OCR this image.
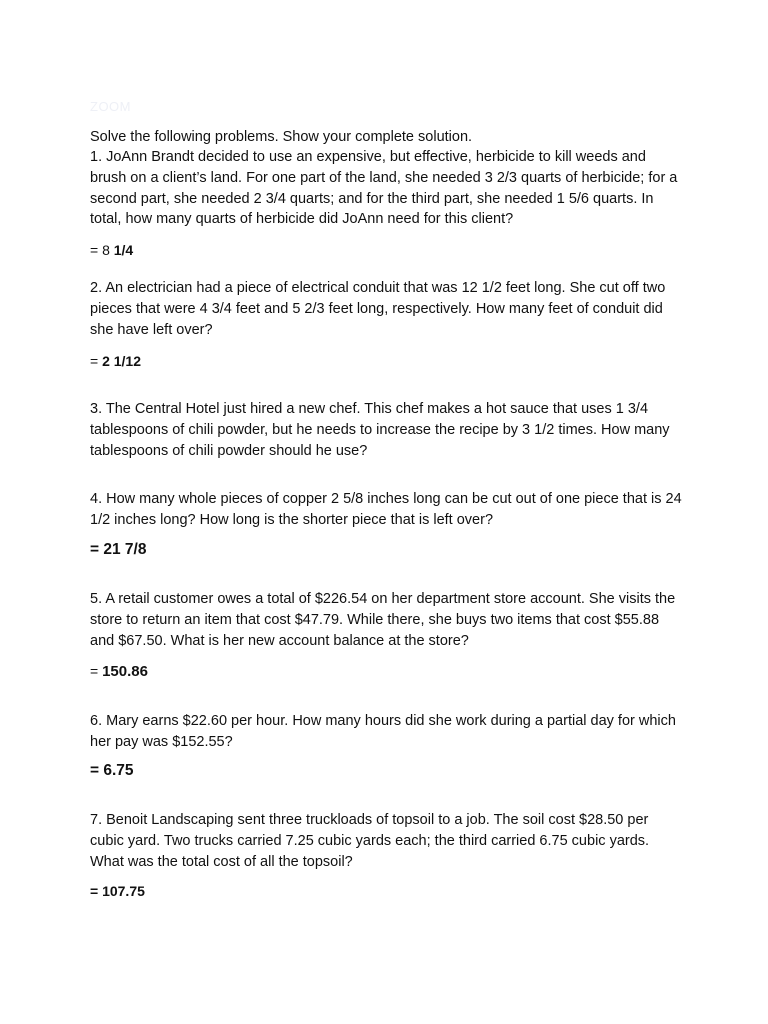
ZOOM

Solve the following problems. Show your complete solution.

1. JoAnn Brandt decided to use an expensive, but effective, herbicide to kill weeds and brush on a client’s land. For one part of the land, she needed 3 2/3 quarts of herbicide; for a second part, she needed 2 3/4 quarts; and for the third part, she needed 1 5/6 quarts. In total, how many quarts of herbicide did JoAnn need for this client?

= 8 1/4

2. An electrician had a piece of electrical conduit that was 12 1/2 feet long. She cut off two pieces that were 4 3/4 feet and 5 2/3 feet long, respectively. How many feet of conduit did she have left over?

= 2 1/12

3. The Central Hotel just hired a new chef. This chef makes a hot sauce that uses 1 3/4 tablespoons of chili powder, but he needs to increase the recipe by 3 1/2 times. How many tablespoons of chili powder should he use?

4. How many whole pieces of copper 2 5/8 inches long can be cut out of one piece that is 24 1/2 inches long? How long is the shorter piece that is left over?

= 21 7/8

5. A retail customer owes a total of $226.54 on her department store account. She visits the store to return an item that cost $47.79. While there, she buys two items that cost $55.88 and $67.50. What is her new account balance at the store?

= 150.86

6. Mary earns $22.60 per hour. How many hours did she work during a partial day for which her pay was $152.55?

= 6.75

7. Benoit Landscaping sent three truckloads of topsoil to a job. The soil cost $28.50 per cubic yard. Two trucks carried 7.25 cubic yards each; the third carried 6.75 cubic yards. What was the total cost of all the topsoil?

= 107.75
